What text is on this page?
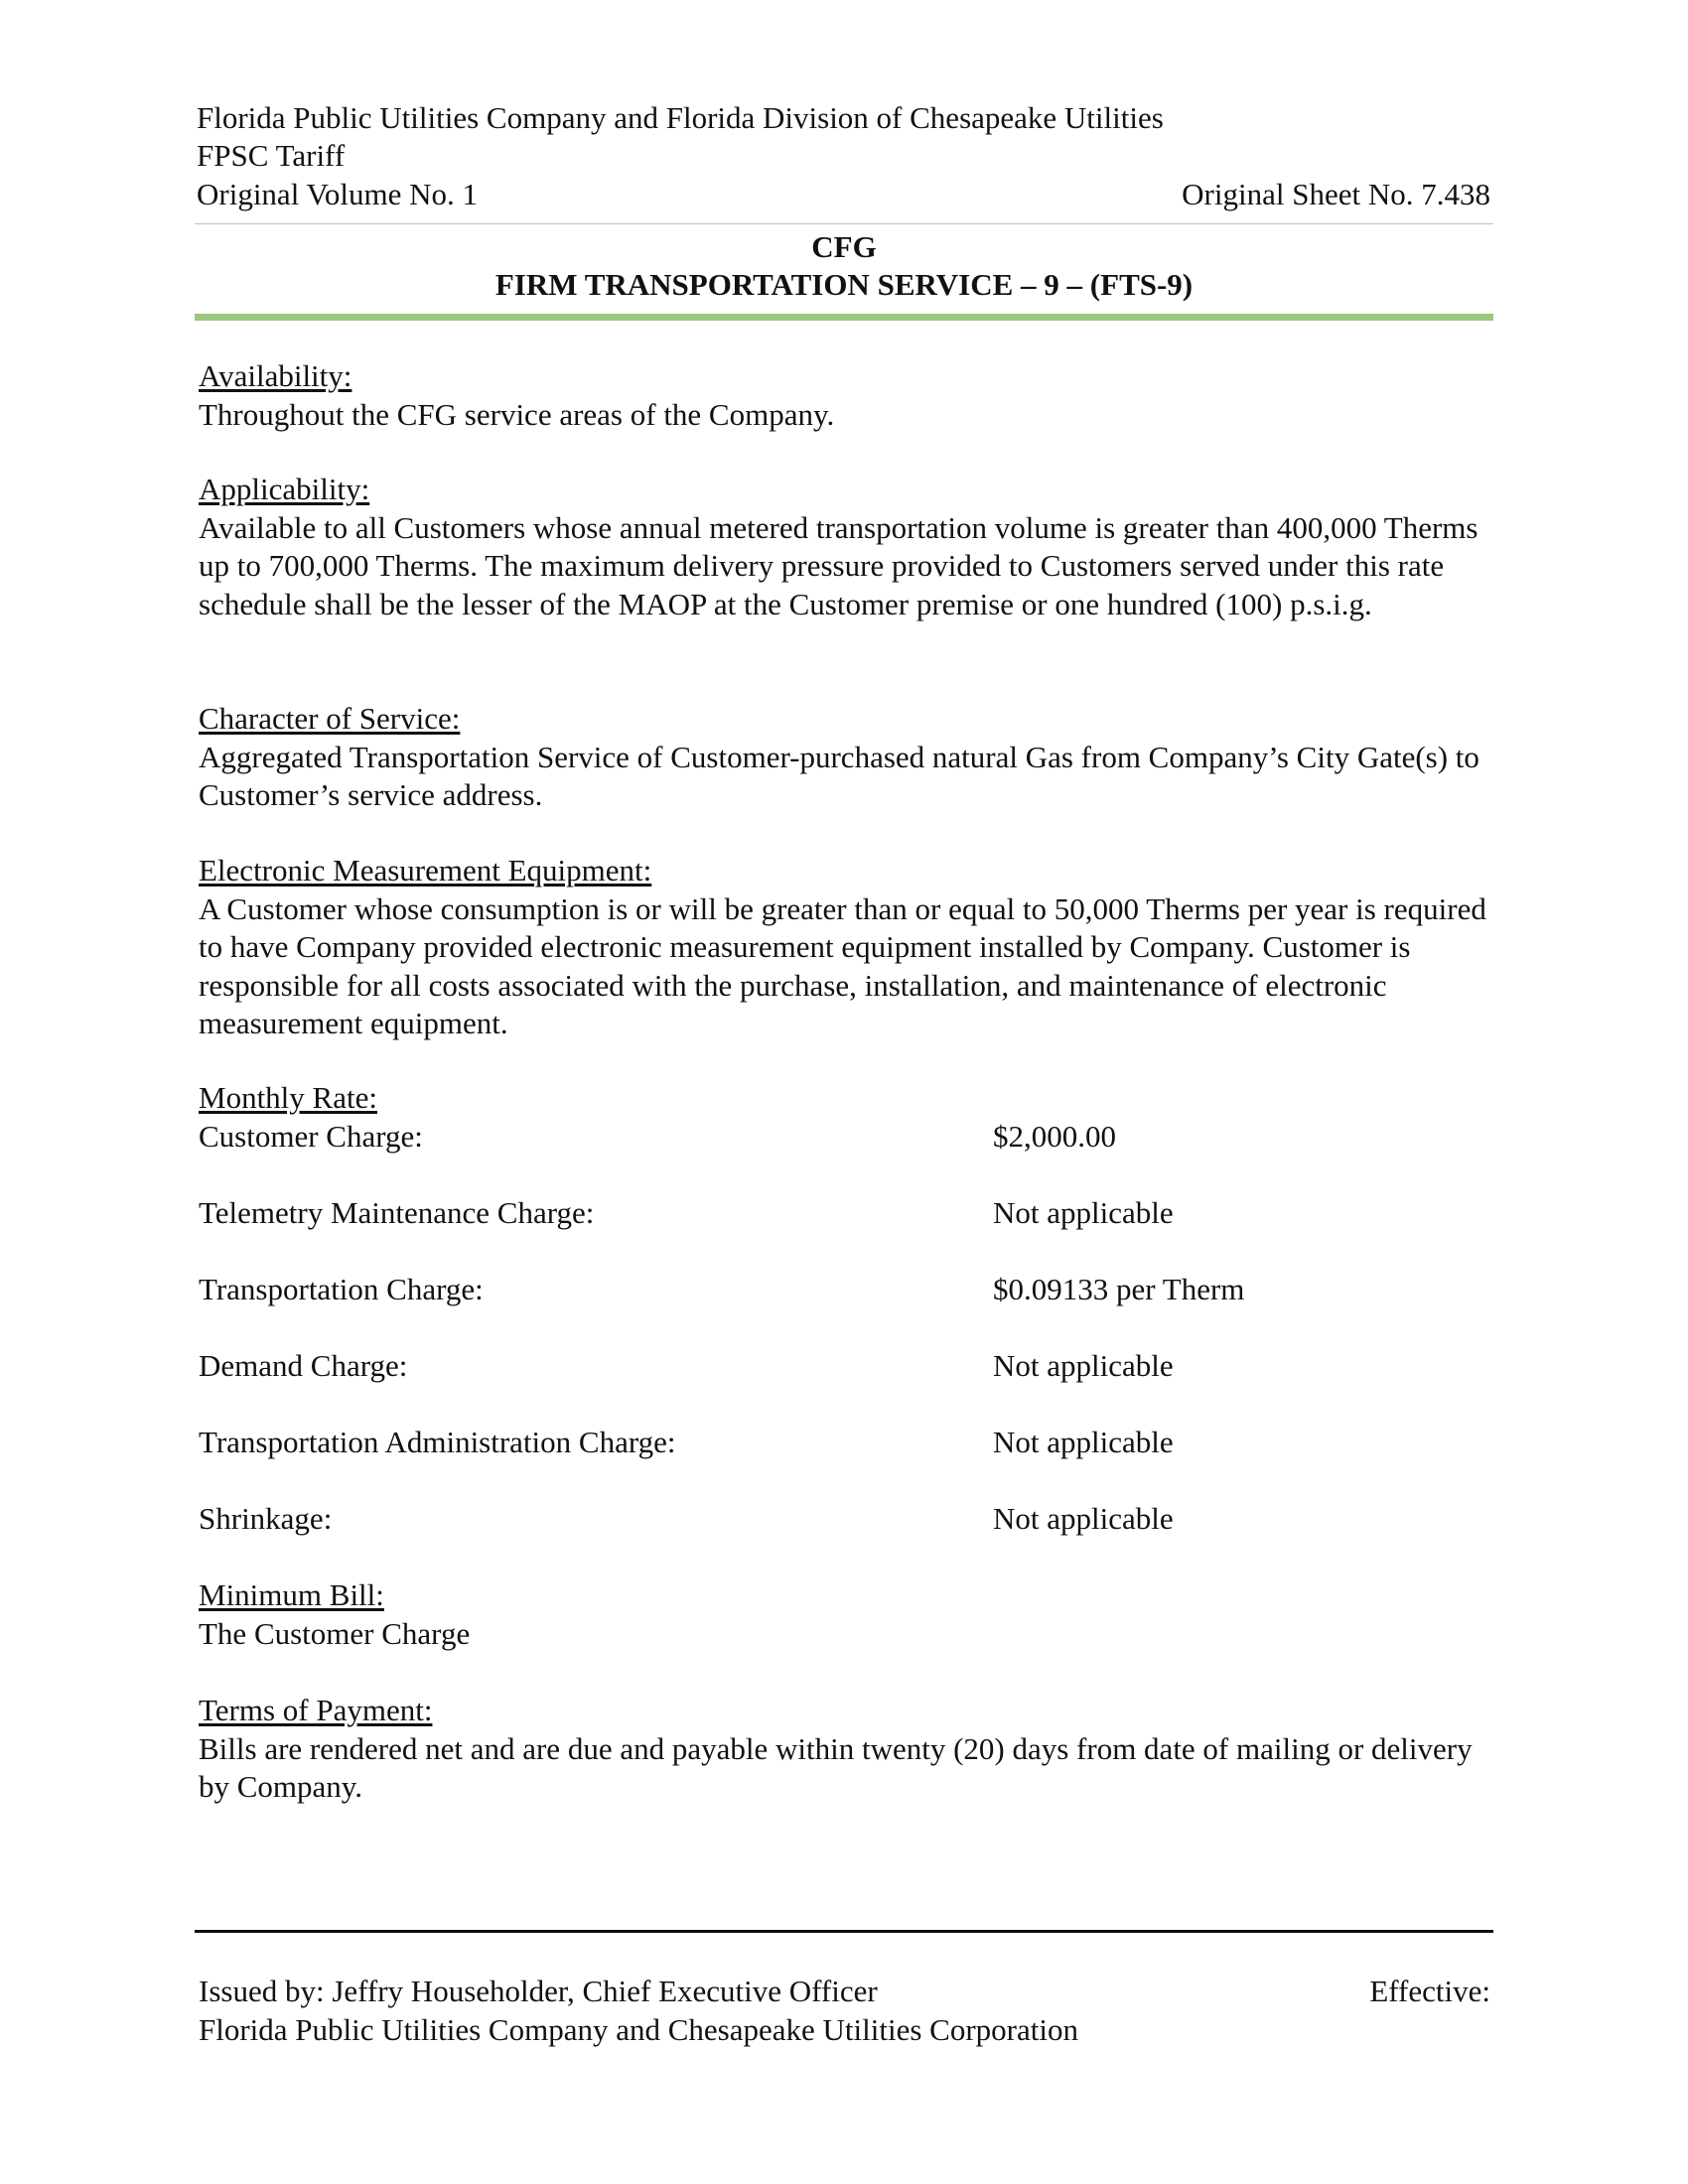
Florida Public Utilities Company and Florida Division of Chesapeake Utilities
FPSC Tariff
Original Volume No. 1	Original Sheet No. 7.438
CFG
FIRM TRANSPORTATION SERVICE – 9 – (FTS-9)

Availability:

Throughout the CFG service areas of the Company.

Applicability:

Available to all Customers whose annual metered transportation volume is greater than 400,000 Therms up to 700,000 Therms. The maximum delivery pressure provided to Customers served under this rate schedule shall be the lesser of the MAOP at the Customer premise or one hundred (100) p.s.i.g.

Character of Service:

Aggregated Transportation Service of Customer-purchased natural Gas from Company’s City Gate(s) to Customer’s service address.

Electronic Measurement Equipment:

A Customer whose consumption is or will be greater than or equal to 50,000 Therms per year is required to have Company provided electronic measurement equipment installed by Company. Customer is responsible for all costs associated with the purchase, installation, and maintenance of electronic measurement equipment.

Monthly Rate:

Customer Charge:	$2,000.00
Telemetry Maintenance Charge:	Not applicable
Transportation Charge:	$0.09133 per Therm
Demand Charge:	Not applicable
Transportation Administration Charge:	Not applicable
Shrinkage:	Not applicable

Minimum Bill:

The Customer Charge

Terms of Payment:

Bills are rendered net and are due and payable within twenty (20) days from date of mailing or delivery by Company.

Issued by: Jeffry Householder, Chief Executive Officer	Effective:
Florida Public Utilities Company and Chesapeake Utilities Corporation
